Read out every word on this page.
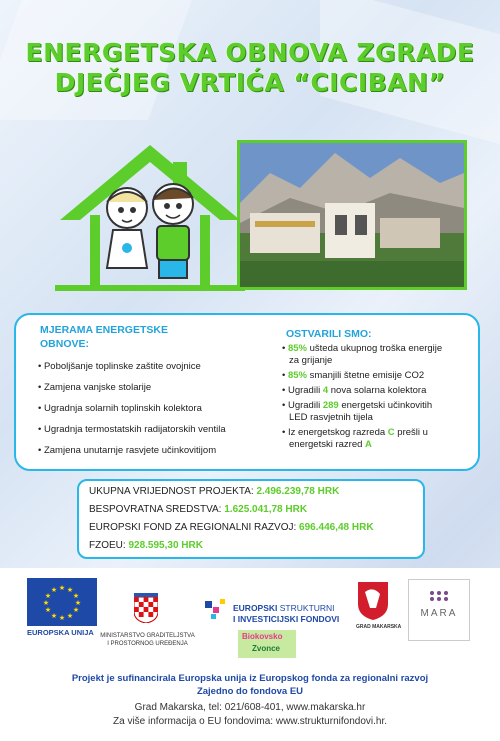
ENERGETSKA OBNOVA ZGRADE
DJEČJEG VRTIĆA “CICIBAN”
MJERAMA ENERGETSKE
OBNOVE:
• Poboljšanje toplinske zaštite ovojnice
• Zamjena vanjske stolarije
• Ugradnja solarnih toplinskih kolektora
• Ugradnja termostatskih radijatorskih ventila
• Zamjena unutarnje rasvjete učinkovitijom
OSTVARILI SMO:
• 85% ušteda ukupnog troška energije
za grijanje
• 85% smanjili štetne emisije CO2
• Ugradili 4 nova solarna kolektora
• Ugradili 289 energetski učinkovitih
LED rasvjetnih tijela
• Iz energetskog razreda C prešli u
energetski razred A
UKUPNA VRIJEDNOST PROJEKTA: 2.496.239,78 HRK
BESPOVRATNA SREDSTVA: 1.625.041,78 HRK
EUROPSKI FOND ZA REGIONALNI RAZVOJ: 696.446,48 HRK
FZOEU: 928.595,30 HRK
★ ★
★
★
★
★
★
★
★
★
★
★
EUROPSKA UNIJA	MINISTARSTVO GRADITELJSTVA
I PROSTORNOG UREĐENJA
EUROPSKI STRUKTURNI
I INVESTICIJSKI FONDOVI
Biokovsko
Zvonce
GRAD MAKARSKA
MARA
Projekt je sufinancirala Europska unija iz Europskog fonda za regionalni razvoj
Zajedno do fondova EU
Grad Makarska, tel: 021/608-401, www.makarska.hr
Za više informacija o EU fondovima: www.strukturnifondovi.hr.
